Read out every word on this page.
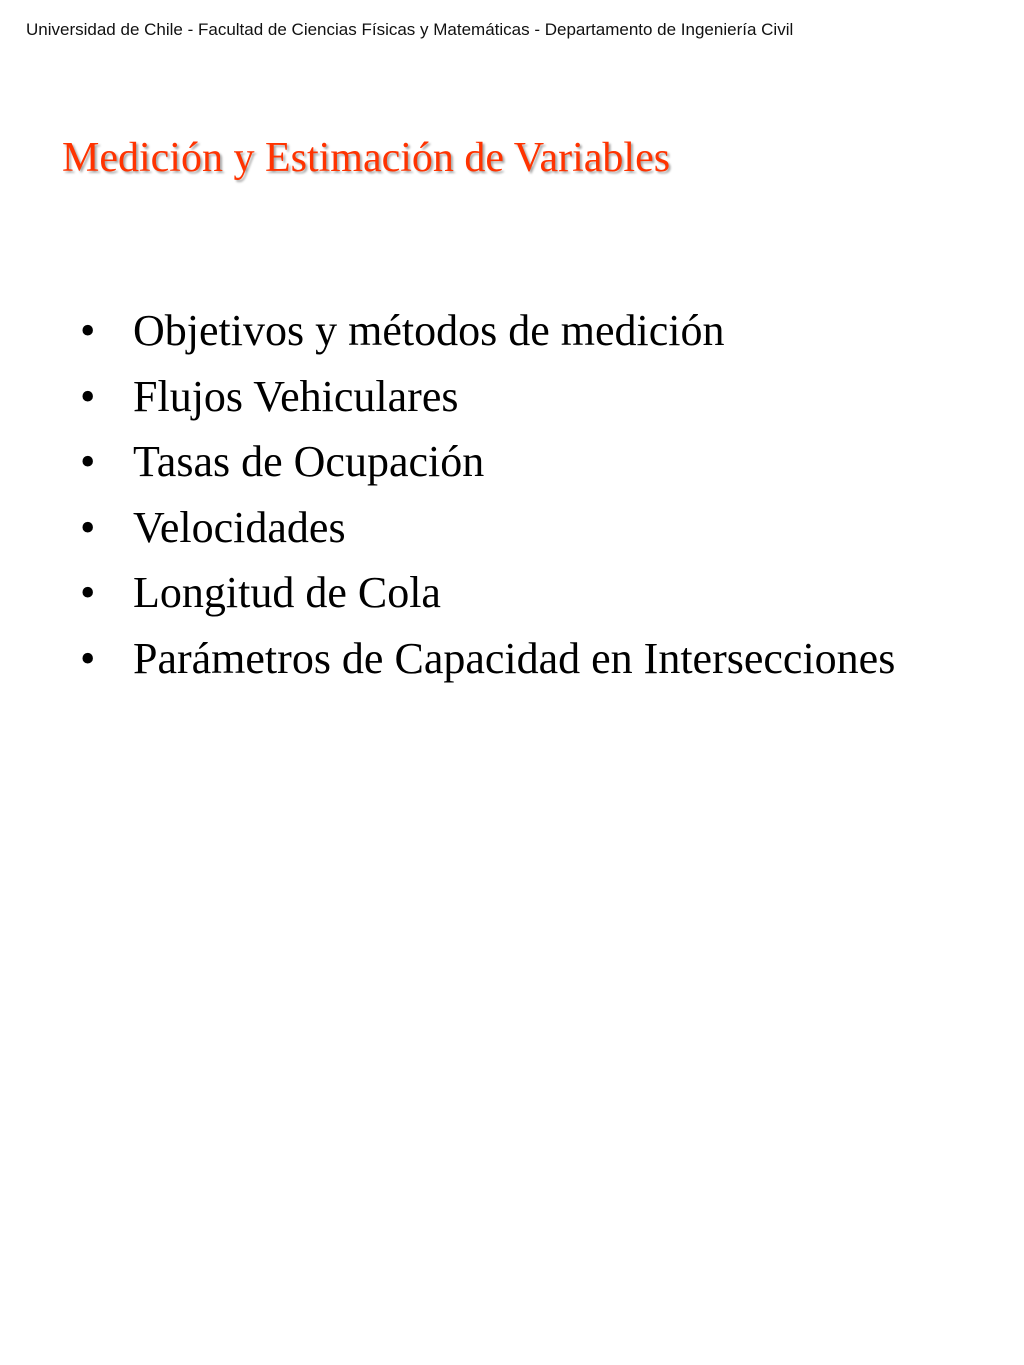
Universidad de Chile - Facultad de Ciencias Físicas y Matemáticas - Departamento de Ingeniería Civil
Medición y Estimación de Variables
• Objetivos y métodos de medición
• Flujos Vehiculares
• Tasas de Ocupación
• Velocidades
• Longitud de Cola
• Parámetros de Capacidad en Intersecciones
